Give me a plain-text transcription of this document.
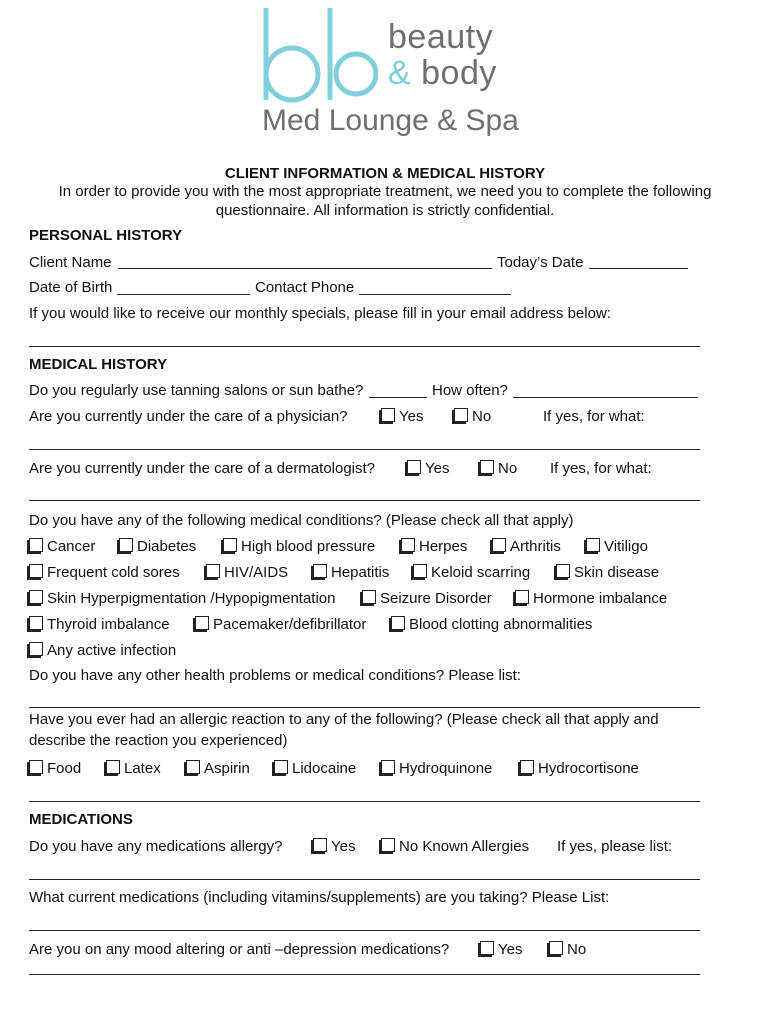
beauty
& body
Med Lounge & Spa
CLIENT INFORMATION & MEDICAL HISTORY
In order to provide you with the most appropriate treatment, we need you to complete the following
questionnaire. All information is strictly confidential.
PERSONAL HISTORY
Client Name	Today’s Date
Date of Birth	Contact Phone
If you would like to receive our monthly specials, please fill in your email address below:
MEDICAL HISTORY
Do you regularly use tanning salons or sun bathe?	How often?
Are you currently under the care of a physician?	Yes	No	If yes, for what:
Are you currently under the care of a dermatologist?	Yes	No If yes, for what:
Do you have any of the following medical conditions? (Please check all that apply)
Cancer	Diabetes	High blood pressure	Herpes	Arthritis	Vitiligo
Frequent cold sores	HIV/AIDS	Hepatitis	Keloid scarring	Skin disease
Skin Hyperpigmentation /Hypopigmentation	Seizure Disorder	Hormone imbalance
Thyroid imbalance	Pacemaker/defibrillator	Blood clotting abnormalities
Any active infection
Do you have any other health problems or medical conditions? Please list:
Have you ever had an allergic reaction to any of the following? (Please check all that apply and
describe the reaction you experienced)
Food	Latex	Aspirin	Lidocaine	Hydroquinone	Hydrocortisone
MEDICATIONS
Do you have any medications allergy?	Yes	No Known Allergies If yes, please list:
What current medications (including vitamins/supplements) are you taking? Please List:
Are you on any mood altering or anti –depression medications?	Yes	No
